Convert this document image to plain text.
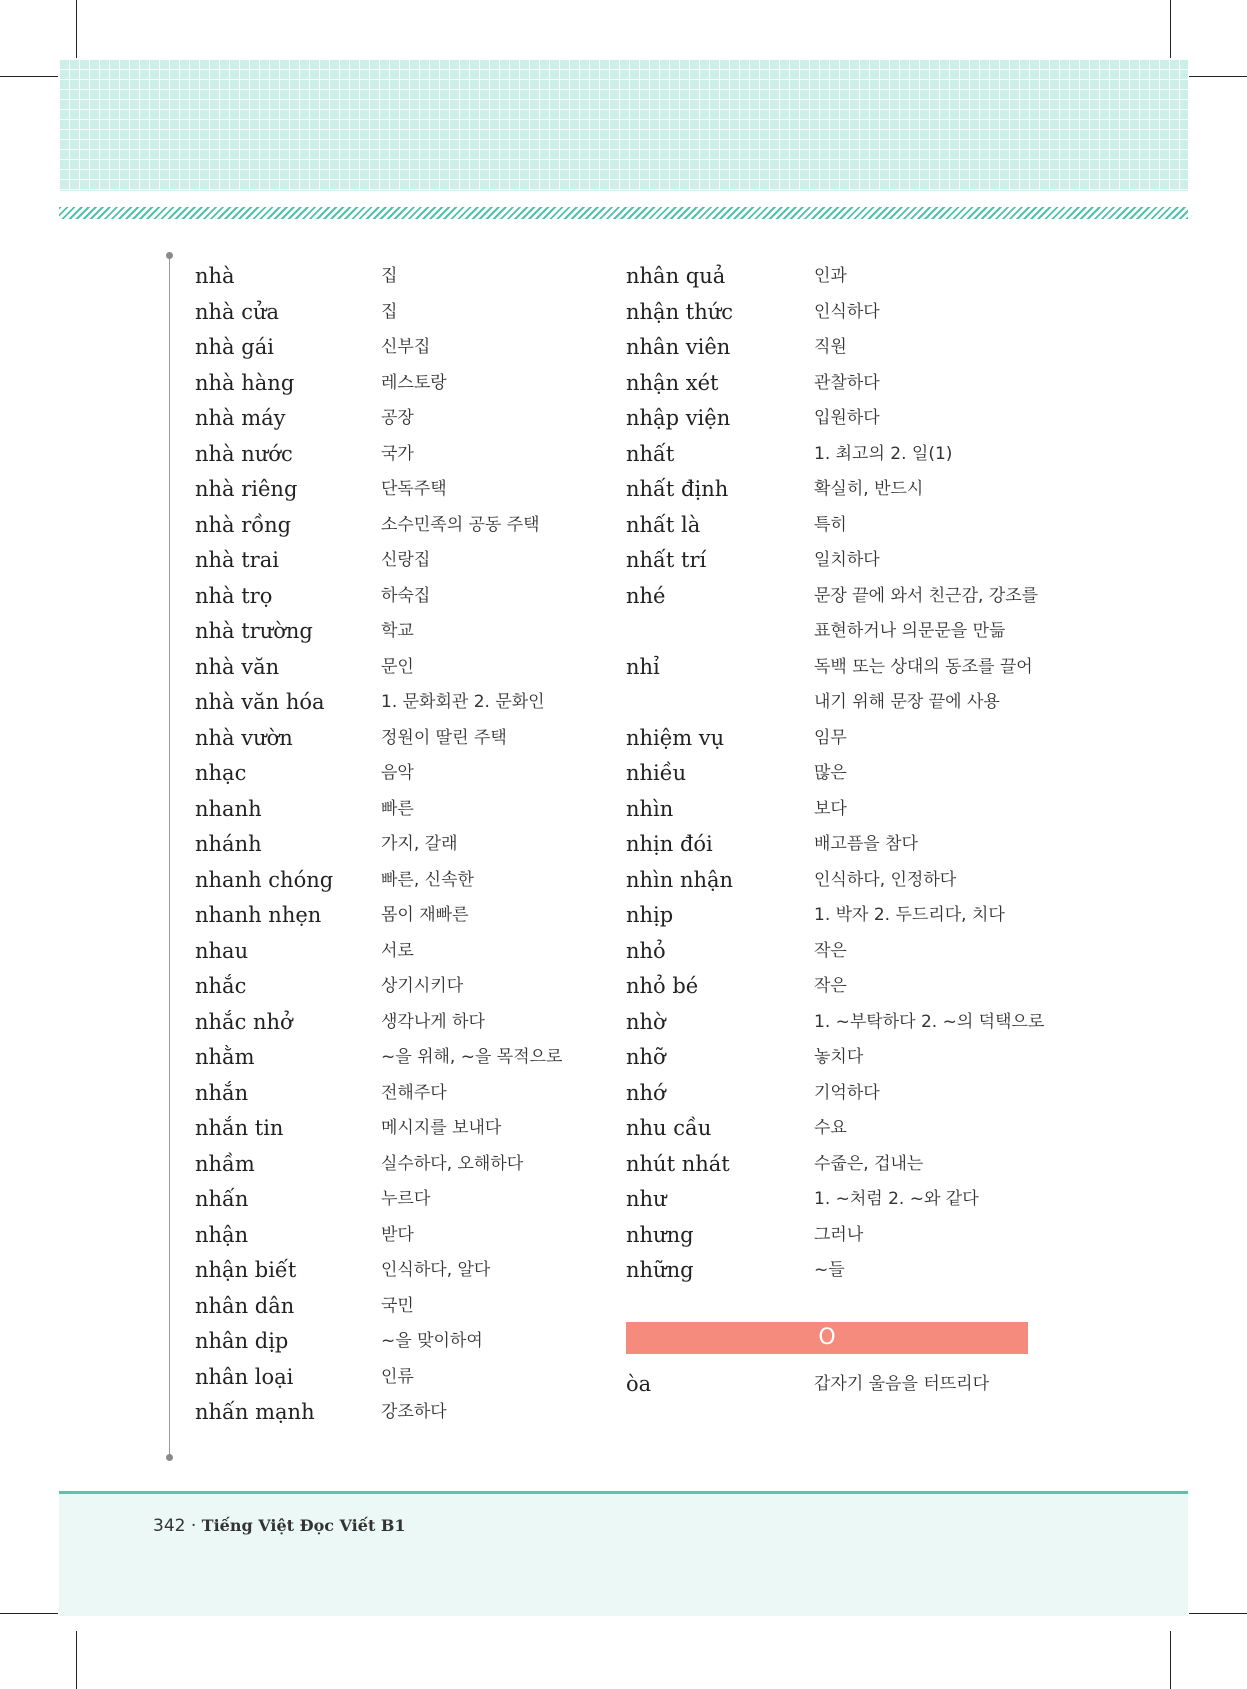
nhà	집
nhà cửa	집
nhà gái	신부집
nhà hàng	레스토랑
nhà máy	공장
nhà nước	국가
nhà riêng	단독주택
nhà rồng	소수민족의 공동 주택
nhà trai	신랑집
nhà trọ	하숙집
nhà trường	학교
nhà văn	문인
nhà văn hóa	1. 문화회관 2. 문화인
nhà vườn	정원이 딸린 주택
nhạc	음악
nhanh	빠른
nhánh	가지, 갈래
nhanh chóng	빠른, 신속한
nhanh nhẹn	몸이 재빠른
nhau	서로
nhắc	상기시키다
nhắc nhở	생각나게 하다
nhằm	~을 위해, ~을 목적으로
nhắn	전해주다
nhắn tin	메시지를 보내다
nhầm	실수하다, 오해하다
nhấn	누르다
nhận	받다
nhận biết	인식하다, 알다
nhân dân	국민
nhân dịp	~을 맞이하여
nhân loại	인류
nhấn mạnh	강조하다
nhân quả	인과
nhận thức	인식하다
nhân viên	직원
nhận xét	관찰하다
nhập viện	입원하다
nhất	1. 최고의 2. 일(1)
nhất định	확실히, 반드시
nhất là	특히
nhất trí	일치하다
nhé	문장 끝에 와서 친근감, 강조를
표현하거나 의문문을 만듦
nhỉ	독백 또는 상대의 동조를 끌어
내기 위해 문장 끝에 사용
nhiệm vụ	임무
nhiều	많은
nhìn	보다
nhịn đói	배고픔을 참다
nhìn nhận	인식하다, 인정하다
nhịp	1. 박자 2. 두드리다, 치다
nhỏ	작은
nhỏ bé	작은
nhờ	1. ~부탁하다 2. ~의 덕택으로
nhỡ	놓치다
nhớ	기억하다
nhu cầu	수요
nhút nhát	수줍은, 겁내는
như	1. ~처럼 2. ~와 같다
nhưng	그러나
những	~들
O
òa	갑자기 울음을 터뜨리다
342 · Tiếng Việt Đọc Viết B1
